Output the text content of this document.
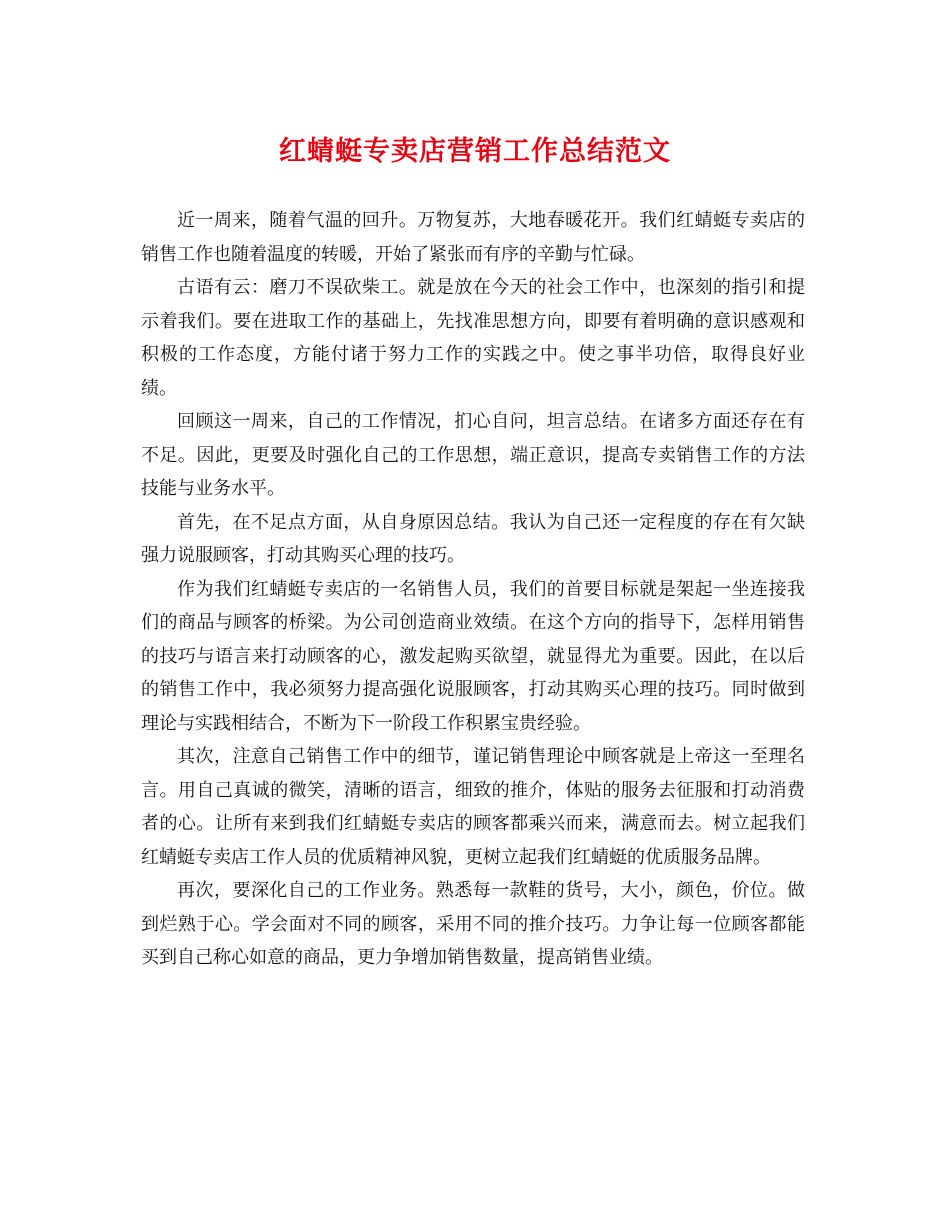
红蜻蜓专卖店营销工作总结范文

近一周来，随着气温的回升。万物复苏，大地春暖花开。我们红蜻蜓专卖店的销售工作也随着温度的转暖，开始了紧张而有序的辛勤与忙碌。

古语有云：磨刀不误砍柴工。就是放在今天的社会工作中，也深刻的指引和提示着我们。要在进取工作的基础上，先找准思想方向，即要有着明确的意识感观和积极的工作态度，方能付诸于努力工作的实践之中。使之事半功倍，取得良好业绩。

回顾这一周来，自己的工作情况，扪心自问，坦言总结。在诸多方面还存在有不足。因此，更要及时强化自己的工作思想，端正意识，提高专卖销售工作的方法技能与业务水平。

首先，在不足点方面，从自身原因总结。我认为自己还一定程度的存在有欠缺强力说服顾客，打动其购买心理的技巧。

作为我们红蜻蜓专卖店的一名销售人员，我们的首要目标就是架起一坐连接我们的商品与顾客的桥梁。为公司创造商业效绩。在这个方向的指导下，怎样用销售的技巧与语言来打动顾客的心，激发起购买欲望，就显得尤为重要。因此，在以后的销售工作中，我必须努力提高强化说服顾客，打动其购买心理的技巧。同时做到理论与实践相结合，不断为下一阶段工作积累宝贵经验。

其次，注意自己销售工作中的细节，谨记销售理论中顾客就是上帝这一至理名言。用自己真诚的微笑，清晰的语言，细致的推介，体贴的服务去征服和打动消费者的心。让所有来到我们红蜻蜓专卖店的顾客都乘兴而来，满意而去。树立起我们红蜻蜓专卖店工作人员的优质精神风貌，更树立起我们红蜻蜓的优质服务品牌。

再次，要深化自己的工作业务。熟悉每一款鞋的货号，大小，颜色，价位。做到烂熟于心。学会面对不同的顾客，采用不同的推介技巧。力争让每一位顾客都能买到自己称心如意的商品，更力争增加销售数量，提高销售业绩。
